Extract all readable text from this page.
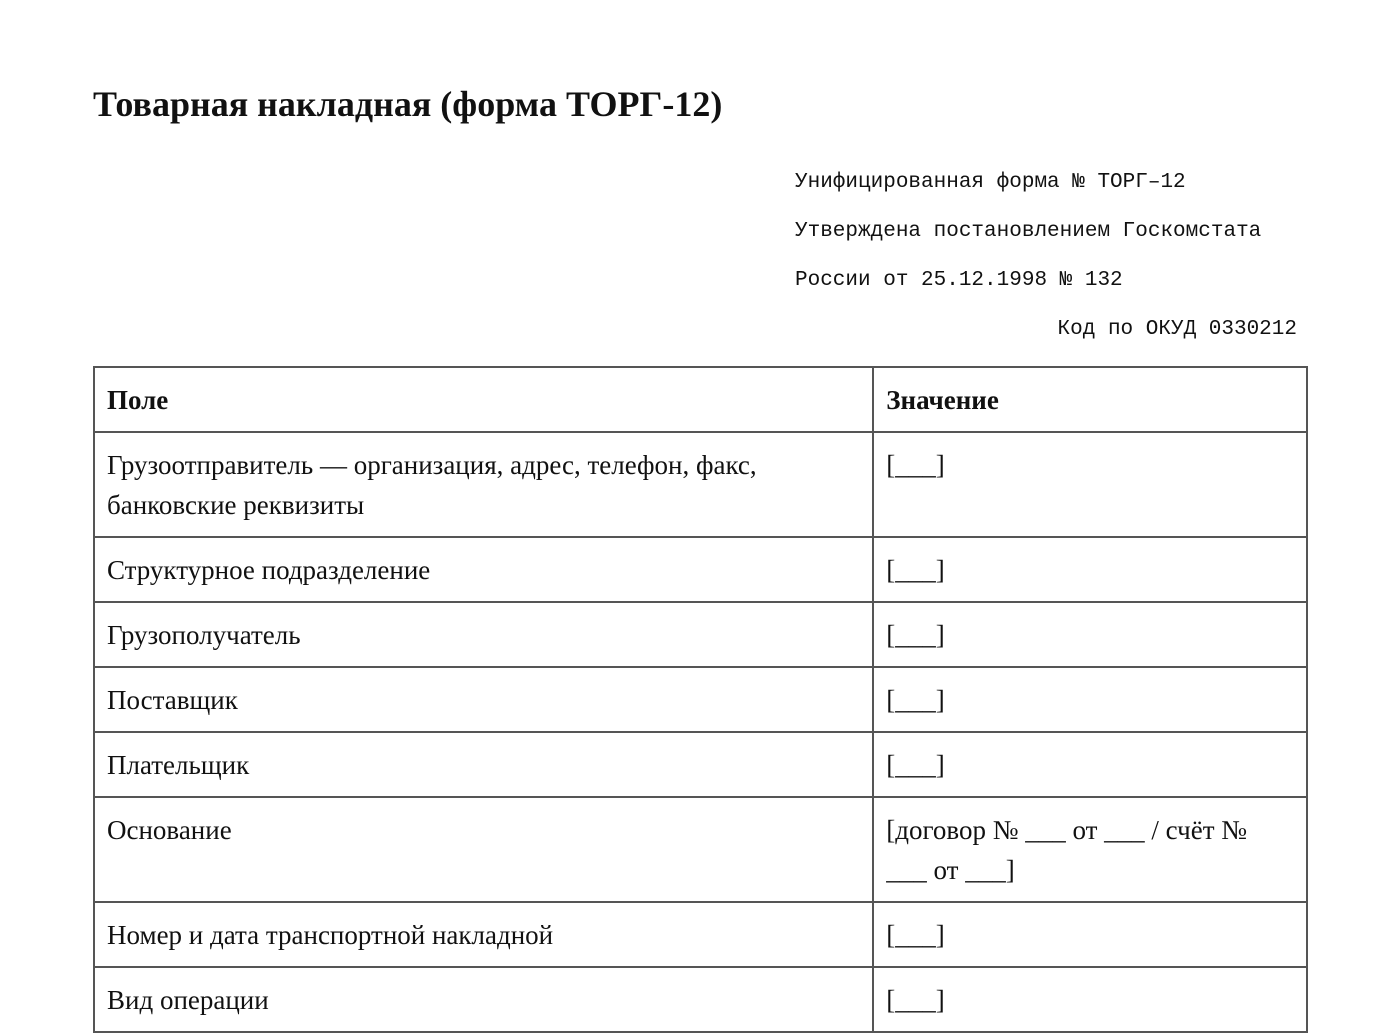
Товарная накладная (форма ТОРГ-12)
Унифицированная форма № ТОРГ–12
Утверждена постановлением Госкомстата
России от 25.12.1998 № 132
Код по ОКУД 0330212
Поле	Значение
Грузоотправитель — организация, адрес, телефон, факс, банковские реквизиты	[___]
Структурное подразделение	[___]
Грузополучатель	[___]
Поставщик	[___]
Плательщик	[___]
Основание	[договор № ___ от ___ / счёт № ___ от ___]
Номер и дата транспортной накладной	[___]
Вид операции	[___]
